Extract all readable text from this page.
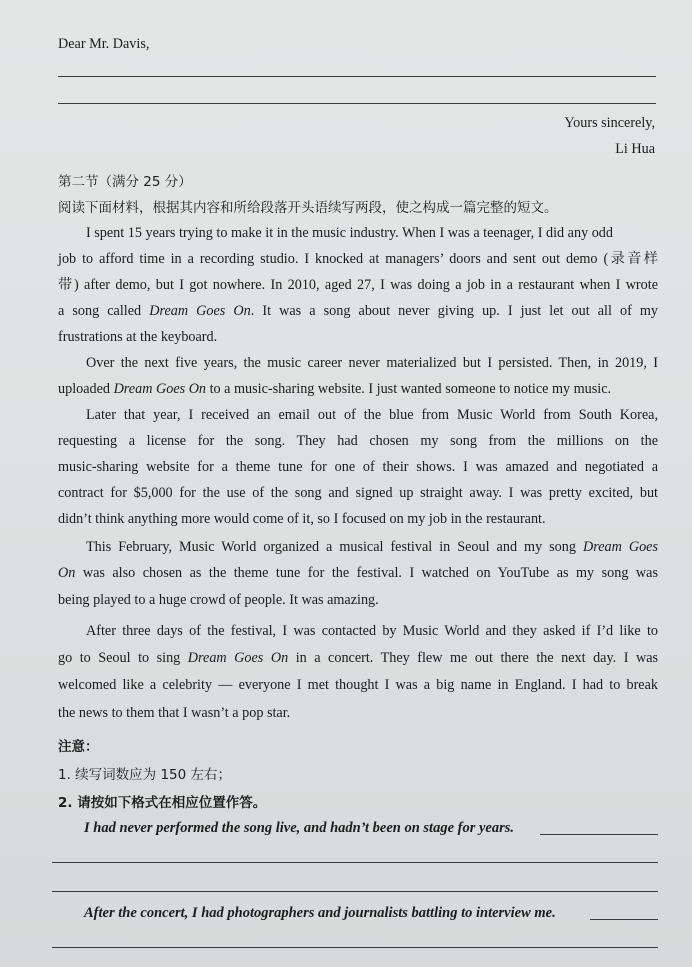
Dear Mr. Davis,
Yours sincerely,
Li Hua
第二节（满分 25 分）
阅读下面材料，根据其内容和所给段落开头语续写两段，使之构成一篇完整的短文。
I spent 15 years trying to make it in the music industry. When I was a teenager, I did any odd
job to afford time in a recording studio. I knocked at managers’ doors and sent out demo (录音样
带) after demo, but I got nowhere. In 2010, aged 27, I was doing a job in a restaurant when I wrote
a song called Dream Goes On. It was a song about never giving up. I just let out all of my
frustrations at the keyboard.
Over the next five years, the music career never materialized but I persisted. Then, in 2019, I
uploaded Dream Goes On to a music-sharing website. I just wanted someone to notice my music.
Later that year, I received an email out of the blue from Music World from South Korea,
requesting a license for the song. They had chosen my song from the millions on the
music-sharing website for a theme tune for one of their shows. I was amazed and negotiated a
contract for $5,000 for the use of the song and signed up straight away. I was pretty excited, but
didn’t think anything more would come of it, so I focused on my job in the restaurant.
This February, Music World organized a musical festival in Seoul and my song Dream Goes
On was also chosen as the theme tune for the festival. I watched on YouTube as my song was
being played to a huge crowd of people. It was amazing.
After three days of the festival, I was contacted by Music World and they asked if I’d like to
go to Seoul to sing Dream Goes On in a concert. They flew me out there the next day. I was
welcomed like a celebrity — everyone I met thought I was a big name in England. I had to break
the news to them that I wasn’t a pop star.
注意：
1. 续写词数应为 150 左右；
2. 请按如下格式在相应位置作答。
I had never performed the song live, and hadn’t been on stage for years.
After the concert, I had photographers and journalists battling to interview me.
